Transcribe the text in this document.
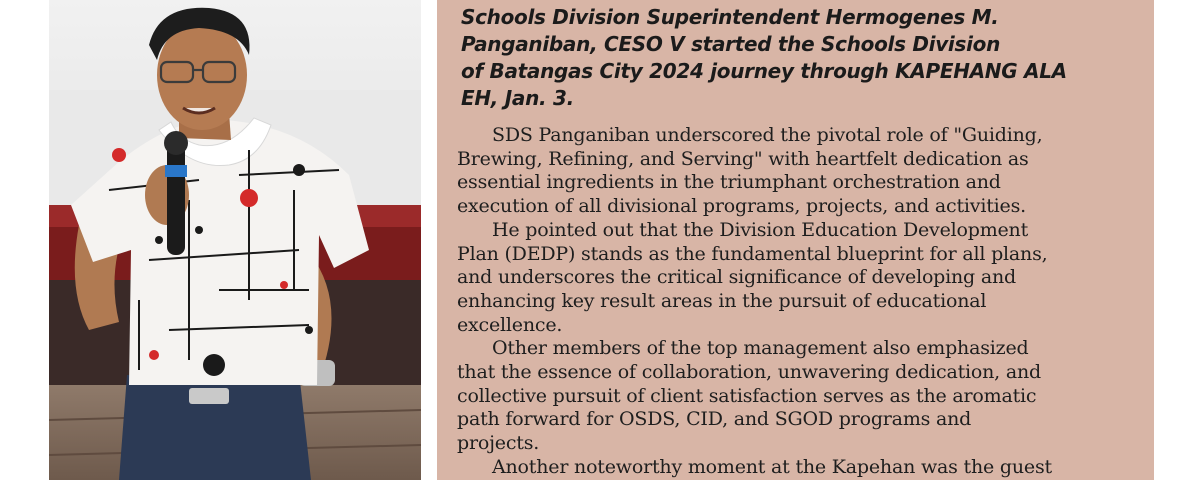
Schools Division Superintendent Hermogenes M.
Panganiban, CESO V started the Schools Division
of Batangas City 2024 journey through KAPEHANG ALA
EH, Jan. 3.
SDS Panganiban underscored the pivotal role of "Guiding,
Brewing, Refining, and Serving" with heartfelt dedication as
essential ingredients in the triumphant orchestration and
execution of all divisional programs, projects, and activities.
He pointed out that the Division Education Development
Plan (DEDP) stands as the fundamental blueprint for all plans,
and underscores the critical significance of developing and
enhancing key result areas in the pursuit of educational
excellence.
Other members of the top management also emphasized
that the essence of collaboration, unwavering dedication, and
collective pursuit of client satisfaction serves as the aromatic
path forward for OSDS, CID, and SGOD programs and
projects.
Another noteworthy moment at the Kapehan was the guest
